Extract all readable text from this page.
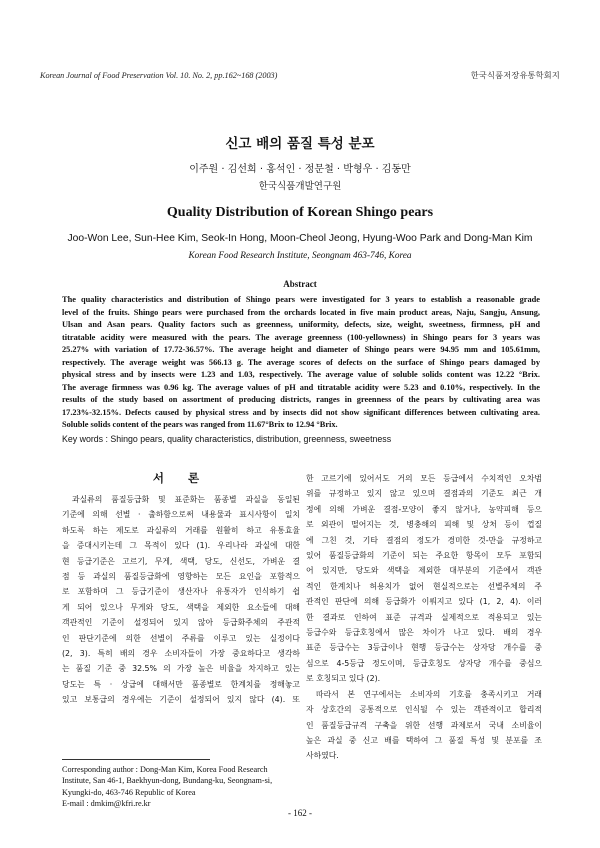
Korean Journal of Food Preservation Vol. 10. No. 2, pp.162~168 (2003)	한국식품저장유통학회지
신고 배의 품질 특성 분포
이주원 · 김선희 · 홍석인 · 정문철 · 박형우 · 김동만
한국식품개발연구원
Quality Distribution of Korean Shingo pears
Joo-Won Lee, Sun-Hee Kim, Seok-In Hong, Moon-Cheol Jeong, Hyung-Woo Park and Dong-Man Kim
Korean Food Research Institute, Seongnam 463-746, Korea
Abstract
The quality characteristics and distribution of Shingo pears were investigated for 3 years to establish a reasonable grade
level of the fruits. Shingo pears were purchased from the orchards located in five main product areas, Naju, Sangju, Ansung,
Ulsan and Asan pears. Quality factors such as greenness, uniformity, defects, size, weight, sweetness, firmness, pH and
titratable acidity were measured with the pears. The average greenness (100-yellowness) in Shingo pears for 3 years was
25.27% with variation of 17.72-36.57%. The average height and diameter of Shingo pears were 94.95 mm and 105.61mm,
respectively. The average weight was 566.13 g. The average scores of defects on the surface of Shingo pears damaged by
physical stress and by insects were 1.23 and 1.03, respectively. The average value of soluble solids content was 12.22 °Brix.
The average firmness was 0.96 kg. The average values of pH and titratable acidity were 5.23 and 0.10%, respectively. In the
results of the study based on assortment of producing districts, ranges in greenness of the pears by cultivating area was
17.23%-32.15%. Defects caused by physical stress and by insects did not show significant differences between cultivating area.
Soluble solids content of the pears was ranged from 11.67°Brix to 12.94 °Brix.
Key words : Shingo pears, quality characteristics, distribution, greenness, sweetness
서 론
과실류의 품질등급화 및 표준화는 품종별 과실을 동일된
기준에 의해 선별 · 출하함으로써 내용물과 표시사항이 일치
하도록 하는 제도로 과실류의 거래를 원활히 하고 유통효율
을 증대시키는데 그 목적이 있다 (1). 우리나라 과실에 대한
현 등급기준은 고르기, 무게, 색택, 당도, 신선도, 가벼운 결
점 등 과실의 품질등급화에 영향하는 모든 요인을 포함적으
로 포함하며 그 등급기준이 생산자나 유통자가 인식하기 쉽
게 되어 있으나 무게와 당도, 색택을 제외한 요소들에 대해
객관적인 기준이 설정되어 있지 않아 등급화주체의 주관적
인 판단기준에 의한 선별이 주류를 이루고 있는 실정이다
(2, 3). 특히 배의 경우 소비자들이 가장 중요하다고 생각하
는 품질 기준 중 32.5% 의 가장 높은 비율을 차지하고 있는
당도는 특 · 상급에 대해서만 품종별로 한계치를 정해놓고
있고 보통급의 경우에는 기준이 설정되어 있지 않다 (4). 또
한 고르기에 있어서도 거의 모든 등급에서 수치적인 오차범
위를 규정하고 있지 않고 있으며 결점과의 기준도 최근 개
정에 의해 가벼운 결점-모양이 좋지 않거나, 농약피해 등으
로 외관이 떨어지는 것, 병충해의 피해 및 상처 등이 껍질
에 그친 것, 기타 결점의 정도가 경미한 것-만을 규정하고
있어 품질등급화의 기준이 되는 주요한 항목이 모두 포함되
어 있지만, 당도와 색택을 제외한 대부분의 기준에서 객관
적인 한계치나 허용치가 없어 현실적으로는 선별주체의 주
관적인 판단에 의해 등급화가 이뤄지고 있다 (1, 2, 4). 이러
한 결과로 인하여 표준 규격과 실제적으로 적용되고 있는
등급수와 등급호칭에서 많은 차이가 나고 있다. 배의 경우
표준 등급수는 3등급이나 현행 등급수는 상자당 개수를 중
심으로 4-5등급 정도이며, 등급호칭도 상자당 개수를 중심으
로 호칭되고 있다 (2).
따라서 본 연구에서는 소비자의 기호를 충족시키고 거래
자 상호간의 공통적으로 인식될 수 있는 객관적이고 합리적
인 품질등급규격 구축을 위한 선행 과제로서 국내 소비율이
높은 과실 중 신고 배를 택하여 그 품질 특성 및 분포를 조
사하였다.
Corresponding author : Dong-Man Kim, Korea Food Research
Institute, San 46-1, Baekhyun-dong, Bundang-ku, Seongnam-si,
Kyungki-do, 463-746 Republic of Korea
E-mail : dmkim@kfri.re.kr
- 162 -
